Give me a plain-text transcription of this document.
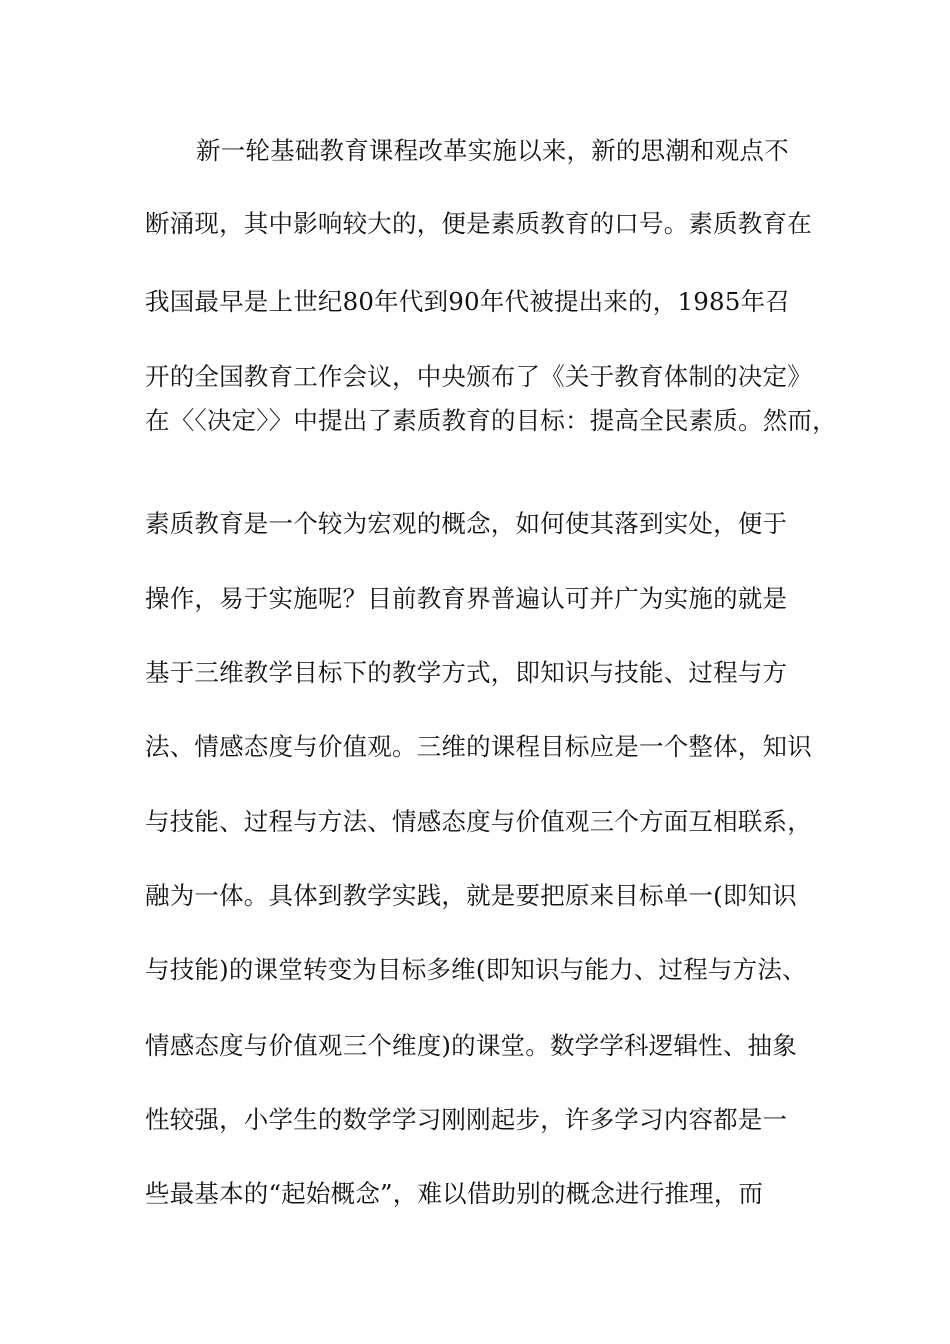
新一轮基础教育课程改革实施以来，新的思潮和观点不
断涌现，其中影响较大的，便是素质教育的口号。素质教育在
我国最早是上世纪80年代到90年代被提出来的，1985年召
开的全国教育工作会议，中央颁布了《关于教育体制的决定》
在〈〈决定〉〉中提出了素质教育的目标：提高全民素质。然而，
素质教育是一个较为宏观的概念，如何使其落到实处，便于
操作，易于实施呢？目前教育界普遍认可并广为实施的就是
基于三维教学目标下的教学方式，即知识与技能、过程与方
法、情感态度与价值观。三维的课程目标应是一个整体，知识
与技能、过程与方法、情感态度与价值观三个方面互相联系，
融为一体。具体到教学实践，就是要把原来目标单一(即知识
与技能)的课堂转变为目标多维(即知识与能力、过程与方法、
情感态度与价值观三个维度)的课堂。数学学科逻辑性、抽象
性较强，小学生的数学学习刚刚起步，许多学习内容都是一
些最基本的“起始概念”，难以借助别的概念进行推理，而
